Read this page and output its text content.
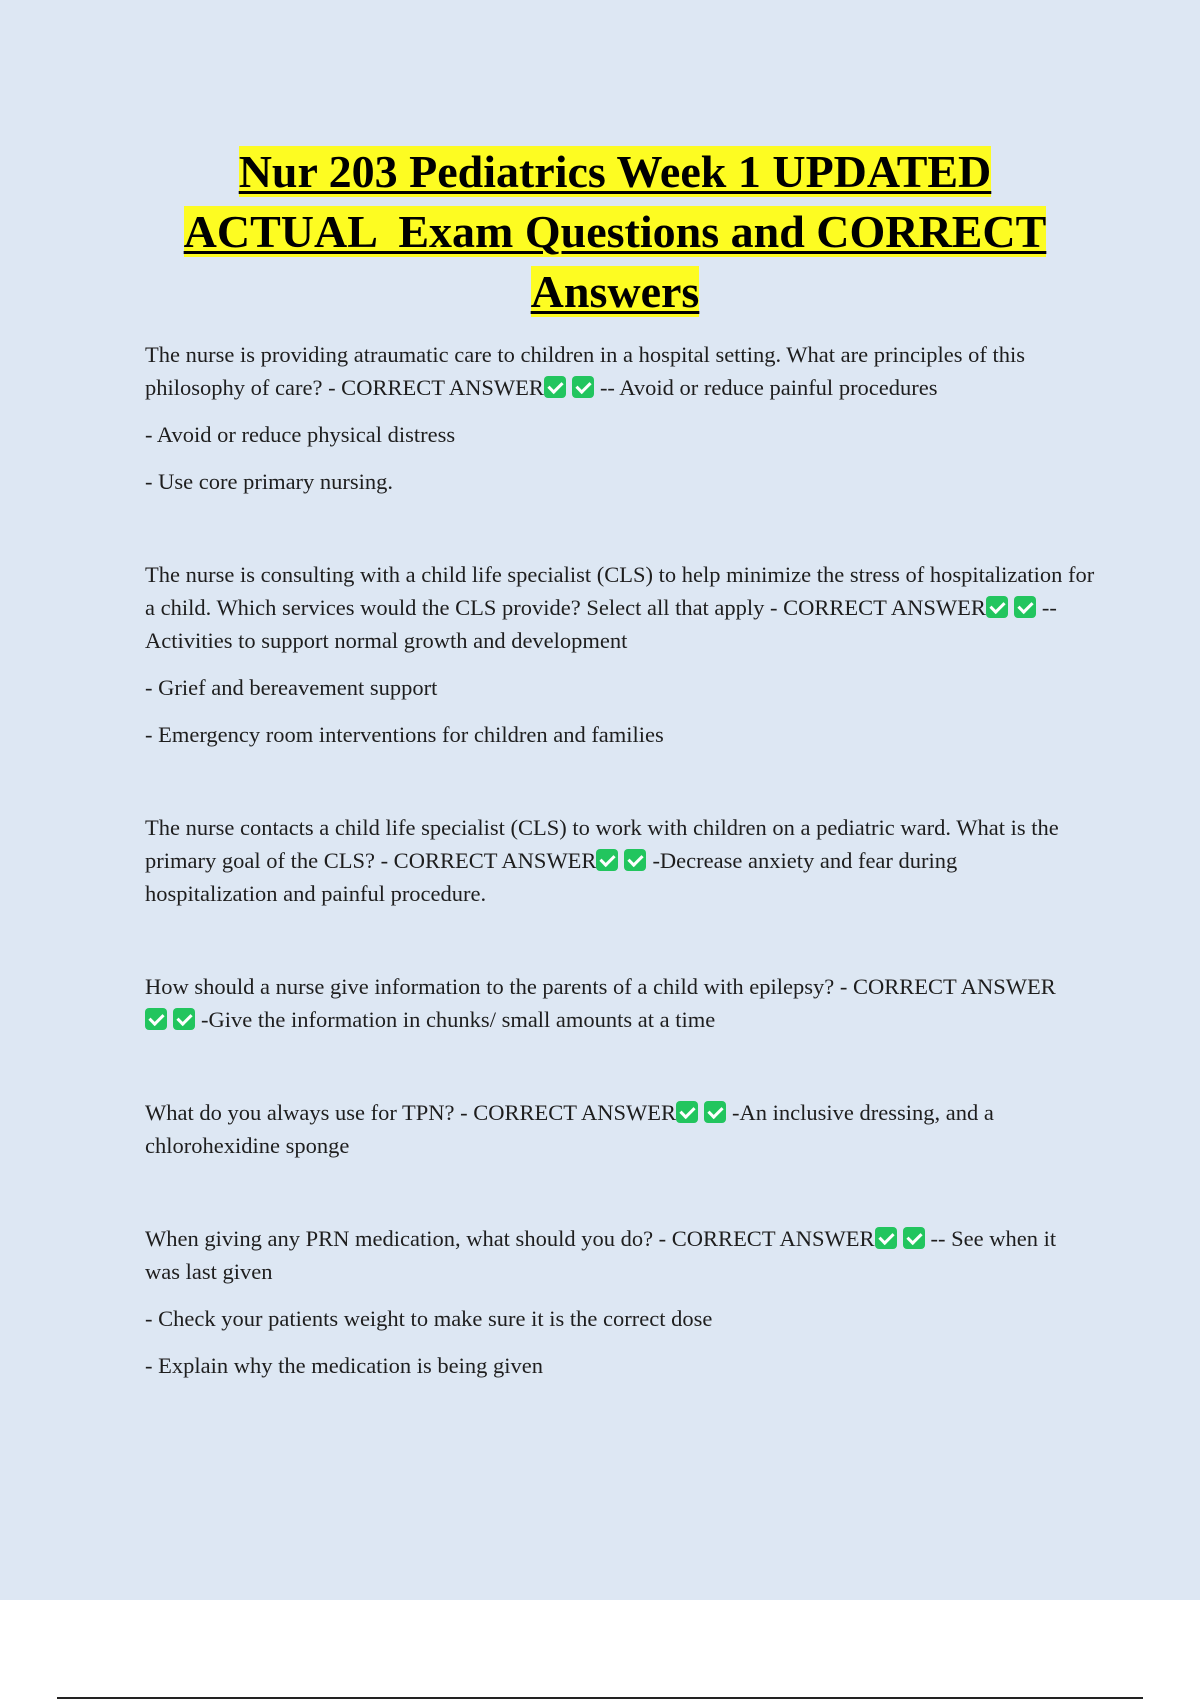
Nur 203 Pediatrics Week 1 UPDATED
ACTUAL  Exam Questions and CORRECT
Answers

The nurse is providing atraumatic care to children in a hospital setting. What are principles of this philosophy of care? - CORRECT ANSWER -- Avoid or reduce painful procedures

- Avoid or reduce physical distress

- Use core primary nursing.

The nurse is consulting with a child life specialist (CLS) to help minimize the stress of hospitalization for a child. Which services would the CLS provide? Select all that apply - CORRECT ANSWER -- Activities to support normal growth and development

- Grief and bereavement support

- Emergency room interventions for children and families

The nurse contacts a child life specialist (CLS) to work with children on a pediatric ward. What is the primary goal of the CLS? - CORRECT ANSWER -Decrease anxiety and fear during hospitalization and painful procedure.

How should a nurse give information to the parents of a child with epilepsy? - CORRECT ANSWER-Give the information in chunks/ small amounts at a time

What do you always use for TPN? - CORRECT ANSWER -An inclusive dressing, and a chlorohexidine sponge

When giving any PRN medication, what should you do? - CORRECT ANSWER -- See when it was last given

- Check your patients weight to make sure it is the correct dose

- Explain why the medication is being given
